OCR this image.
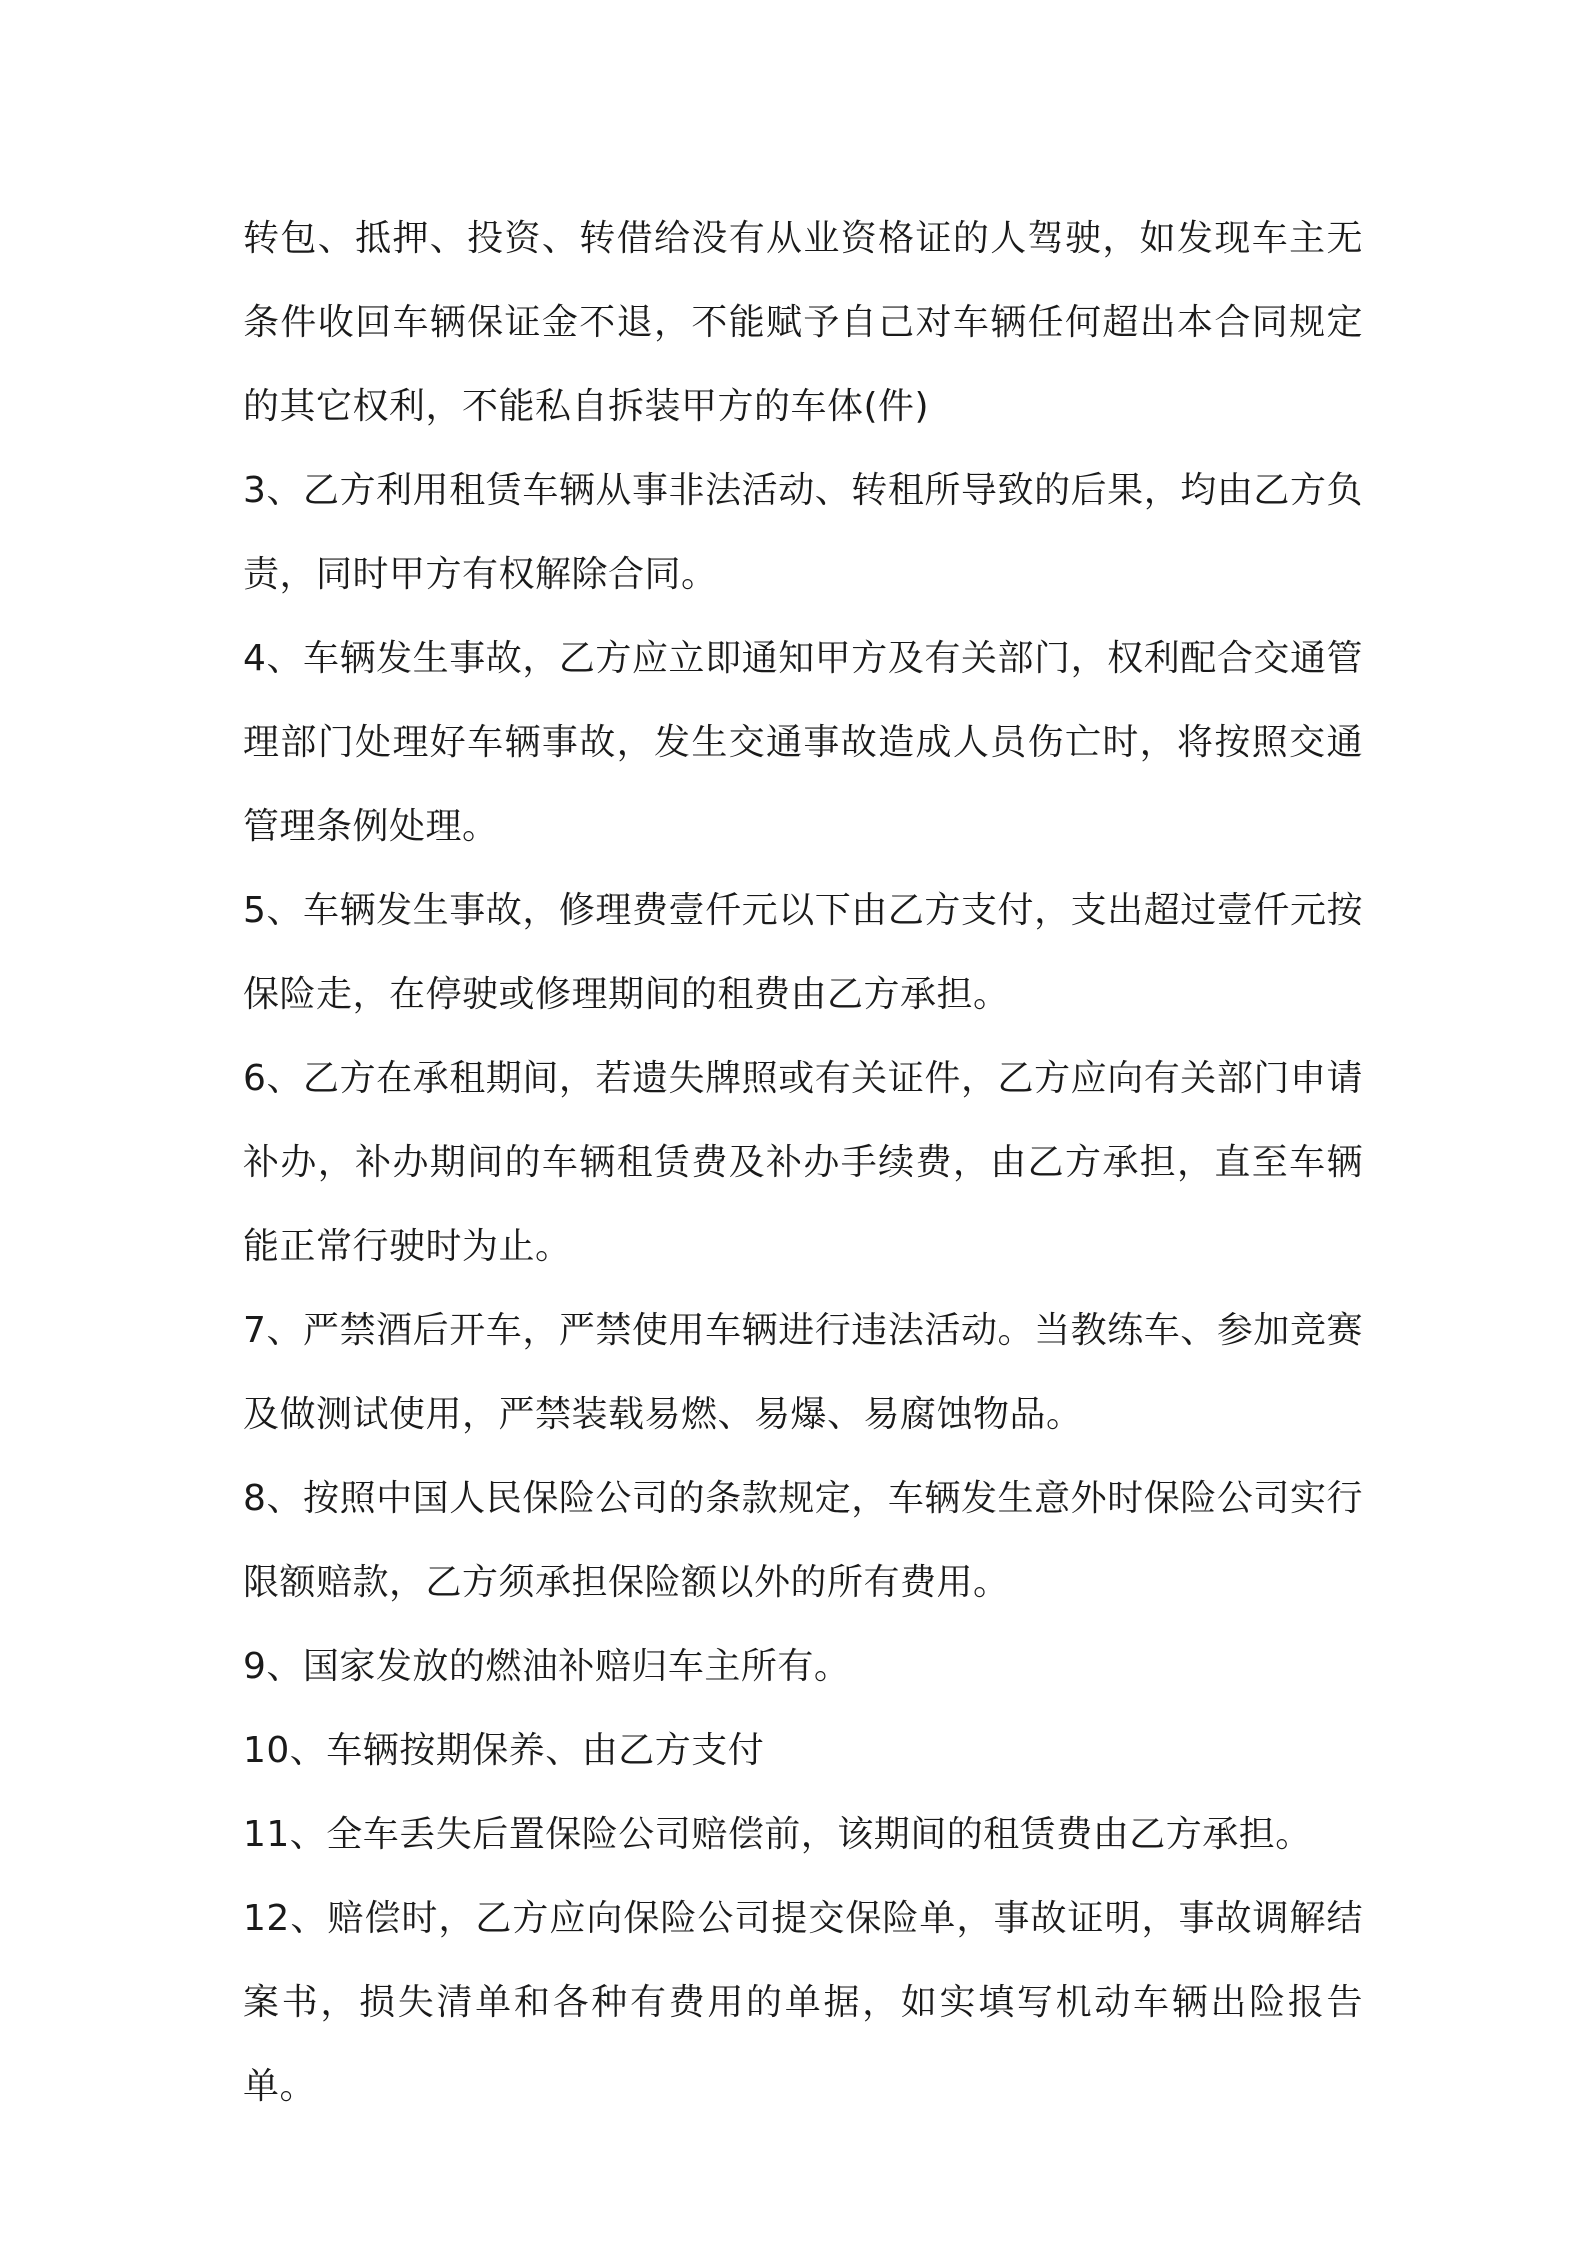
转包、抵押、投资、转借给没有从业资格证的人驾驶，如发现车主无条件收回车辆保证金不退，不能赋予自己对车辆任何超出本合同规定的其它权利，不能私自拆装甲方的车体(件)

3、乙方利用租赁车辆从事非法活动、转租所导致的后果，均由乙方负责，同时甲方有权解除合同。

4、车辆发生事故，乙方应立即通知甲方及有关部门，权利配合交通管理部门处理好车辆事故，发生交通事故造成人员伤亡时，将按照交通管理条例处理。

5、车辆发生事故，修理费壹仟元以下由乙方支付，支出超过壹仟元按保险走，在停驶或修理期间的租费由乙方承担。

6、乙方在承租期间，若遗失牌照或有关证件，乙方应向有关部门申请补办，补办期间的车辆租赁费及补办手续费，由乙方承担，直至车辆能正常行驶时为止。

7、严禁酒后开车，严禁使用车辆进行违法活动。当教练车、参加竞赛及做测试使用，严禁装载易燃、易爆、易腐蚀物品。

8、按照中国人民保险公司的条款规定，车辆发生意外时保险公司实行限额赔款，乙方须承担保险额以外的所有费用。

9、国家发放的燃油补赔归车主所有。

10、车辆按期保养、由乙方支付

11、全车丢失后置保险公司赔偿前，该期间的租赁费由乙方承担。

12、赔偿时，乙方应向保险公司提交保险单，事故证明，事故调解结案书，损失清单和各种有费用的单据，如实填写机动车辆出险报告单。
